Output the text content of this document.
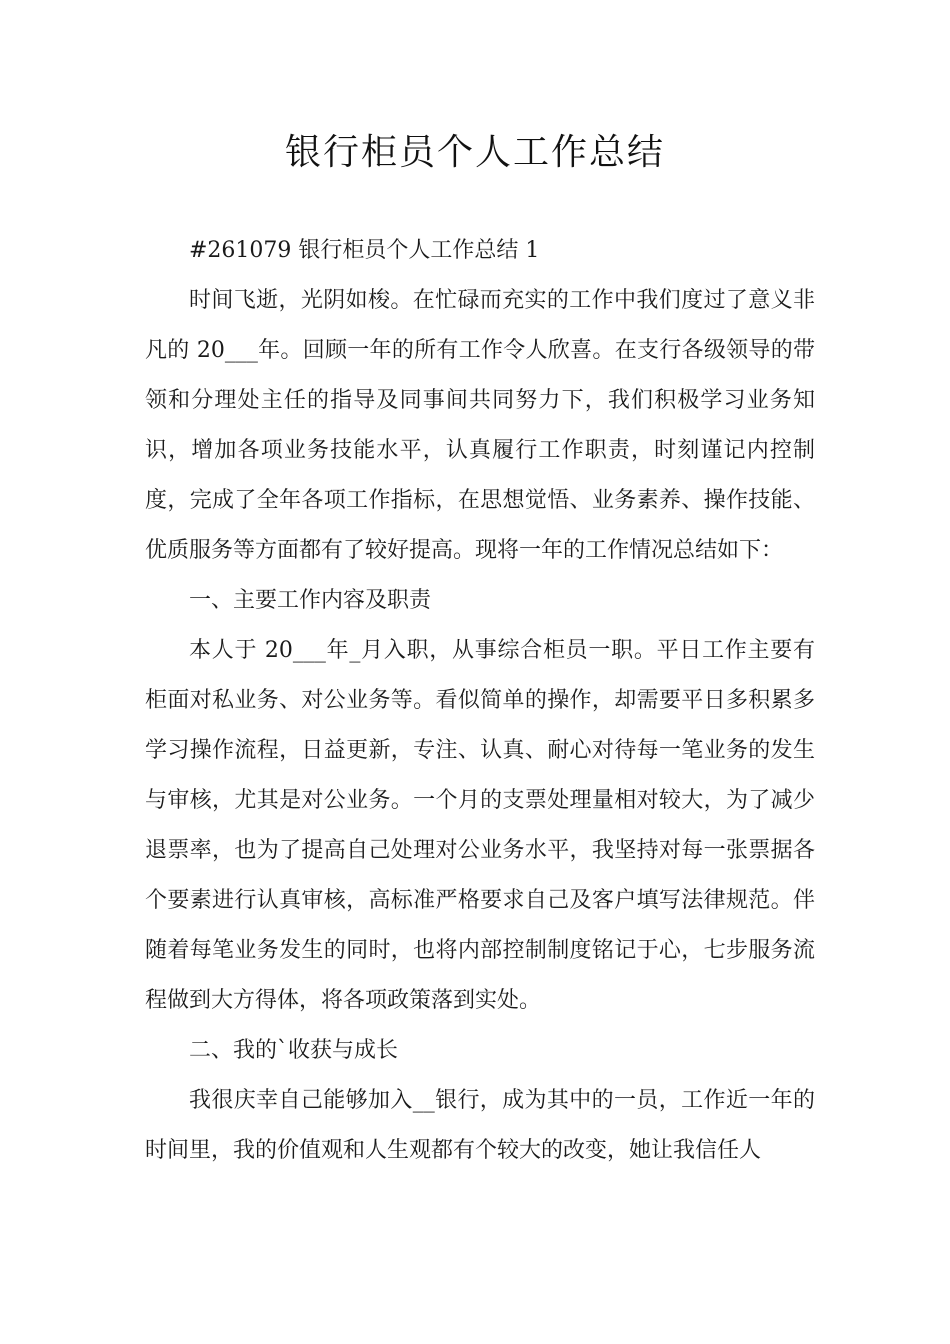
银行柜员个人工作总结

#261079 银行柜员个人工作总结 1

时间飞逝，光阴如梭。在忙碌而充实的工作中我们度过了意义非凡的 20___年。回顾一年的所有工作令人欣喜。在支行各级领导的带领和分理处主任的指导及同事间共同努力下，我们积极学习业务知识，增加各项业务技能水平，认真履行工作职责，时刻谨记内控制度，完成了全年各项工作指标，在思想觉悟、业务素养、操作技能、优质服务等方面都有了较好提高。现将一年的工作情况总结如下：

一、主要工作内容及职责

本人于 20___年_月入职，从事综合柜员一职。平日工作主要有柜面对私业务、对公业务等。看似简单的操作，却需要平日多积累多学习操作流程，日益更新，专注、认真、耐心对待每一笔业务的发生与审核，尤其是对公业务。一个月的支票处理量相对较大，为了减少退票率，也为了提高自己处理对公业务水平，我坚持对每一张票据各个要素进行认真审核，高标准严格要求自己及客户填写法律规范。伴随着每笔业务发生的同时，也将内部控制制度铭记于心，七步服务流程做到大方得体，将各项政策落到实处。

二、我的`收获与成长

我很庆幸自己能够加入__银行，成为其中的一员，工作近一年的时间里，我的价值观和人生观都有个较大的改变，她让我信任人
